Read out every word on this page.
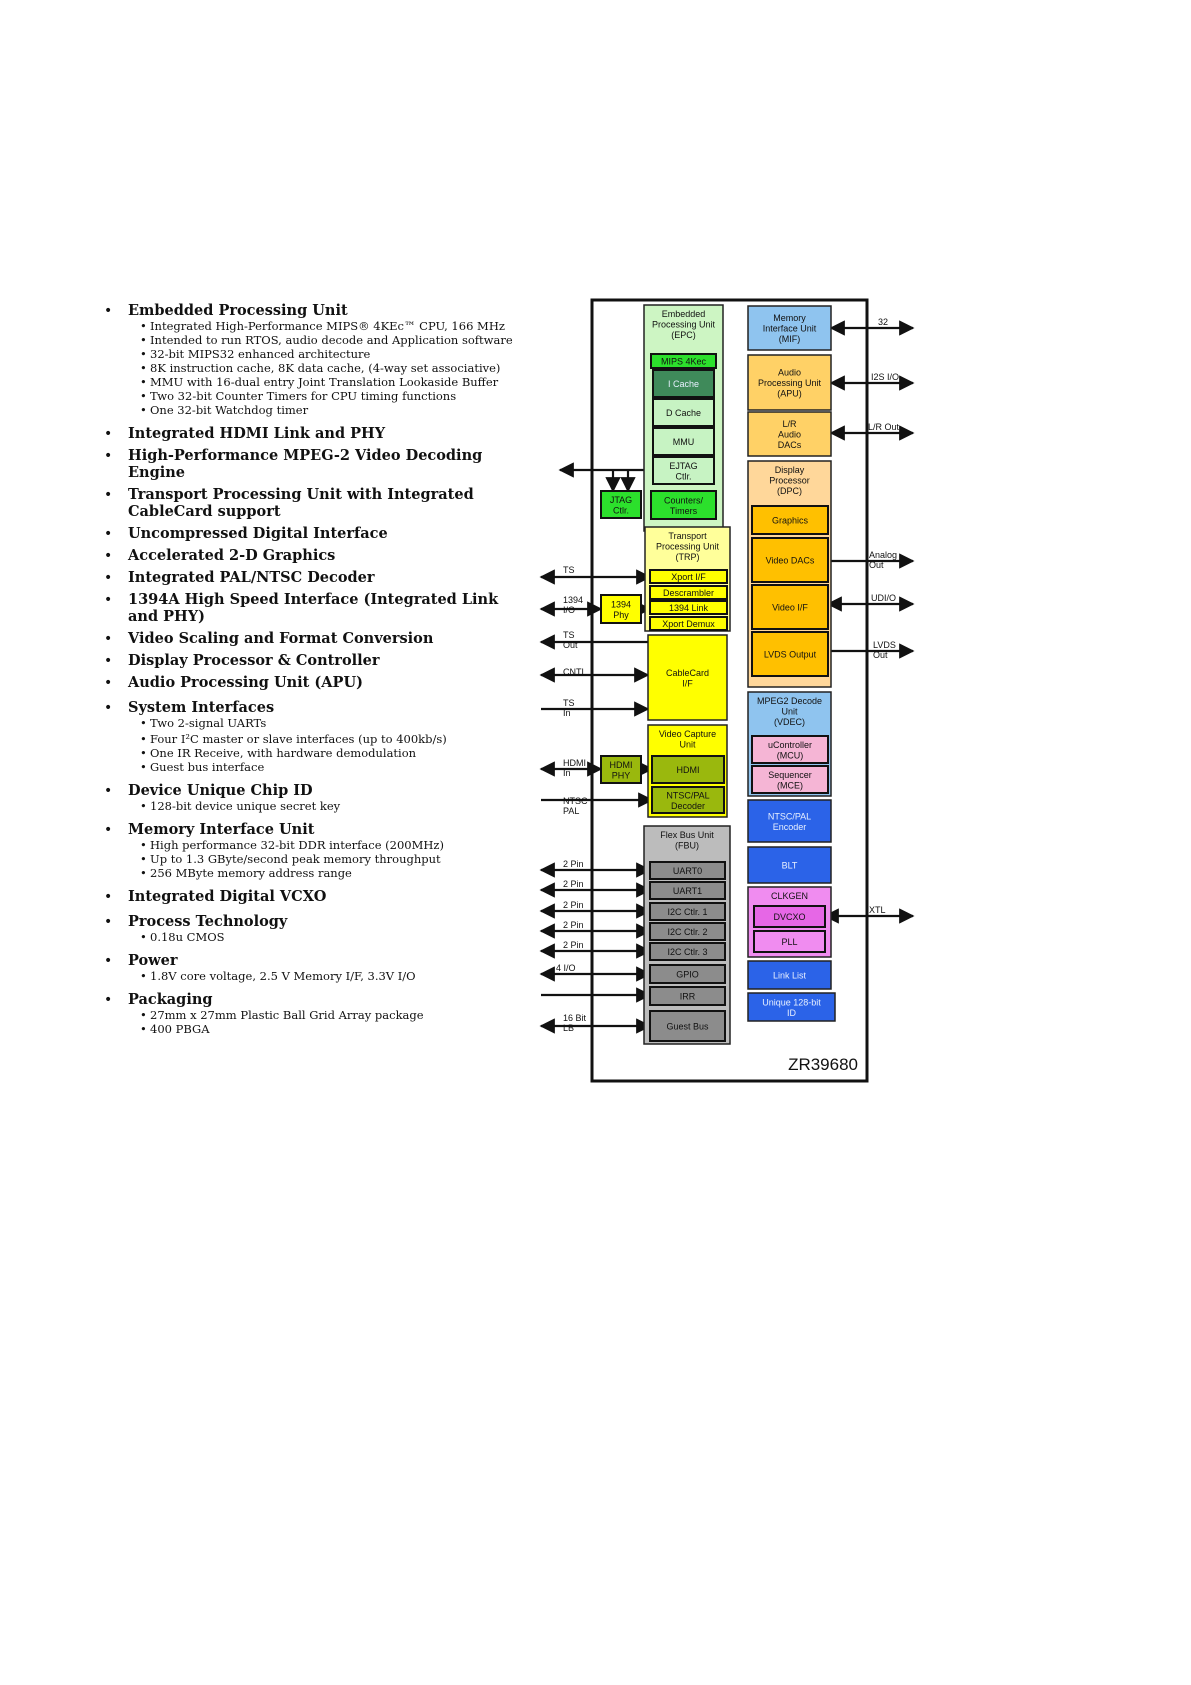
• Embedded Processing Unit
• Integrated High-Performance MIPS® 4KEc™ CPU, 166 MHz
• Intended to run RTOS, audio decode and Application software
• 32-bit MIPS32 enhanced architecture
• 8K instruction cache, 8K data cache, (4-way set associative)
• MMU with 16-dual entry Joint Translation Lookaside Buffer
• Two 32-bit Counter Timers for CPU timing functions
• One 32-bit Watchdog timer
• Integrated HDMI Link and PHY
• High-Performance MPEG-2 Video Decoding Engine
• Transport Processing Unit with Integrated CableCard support
• Uncompressed Digital Interface
• Accelerated 2-D Graphics
• Integrated PAL/NTSC Decoder
• 1394A High Speed Interface (Integrated Link and PHY)
• Video Scaling and Format Conversion
• Display Processor & Controller
• Audio Processing Unit (APU)
• System Interfaces
• Two 2-signal UARTs
• Four I²C master or slave interfaces (up to 400kb/s)
• One IR Receive, with hardware demodulation
• Guest bus interface
• Device Unique Chip ID
• 128-bit device unique secret key
• Memory Interface Unit
• High performance 32-bit DDR interface (200MHz)
• Up to 1.3 GByte/second peak memory throughput
• 256 MByte memory address range
• Integrated Digital VCXO
• Process Technology
• 0.18u CMOS
• Power
• 1.8V core voltage, 2.5 V Memory I/F, 3.3V I/O
• Packaging
• 27mm x 27mm Plastic Ball Grid Array package
• 400 PBGA
ZR39680
Embedded
Processing Unit
(EPC)
MIPS 4Kec
I Cache
D Cache
MMU
EJTAG
Ctlr.
Counters/
Timers
JTAG
Ctlr.
Memory
Interface Unit
(MIF)
Audio
Processing Unit
(APU)
L/R
Audio
DACs
Display
Processor
(DPC)
Graphics
Video DACs
Video I/F
LVDS Output
Transport
Processing Unit
(TRP)
Xport I/F
Descrambler
1394 Link
Xport Demux
1394
Phy
CableCard
I/F
Video Capture
Unit
HDMI
NTSC/PAL
Decoder
HDMI
PHY
MPEG2 Decode
Unit
(VDEC)
uController
(MCU)
Sequencer
(MCE)
NTSC/PAL
Encoder
BLT
CLKGEN
DVCXO
PLL
Link List
Unique 128-bit
ID
Flex Bus Unit
(FBU)
UART0
UART1
I2C Ctlr. 1
I2C Ctlr. 2
I2C Ctlr. 3
GPIO
IRR
Guest Bus
TS
1394
I/O
TS
Out
CNTL
TS
In
HDMI
In
NTSC
PAL
2 Pin
2 Pin
2 Pin
2 Pin
2 Pin
4 I/O
16 Bit
LB
32
I2S I/O
L/R Out
Analog
Out
UDI/O
LVDS
Out
XTL
